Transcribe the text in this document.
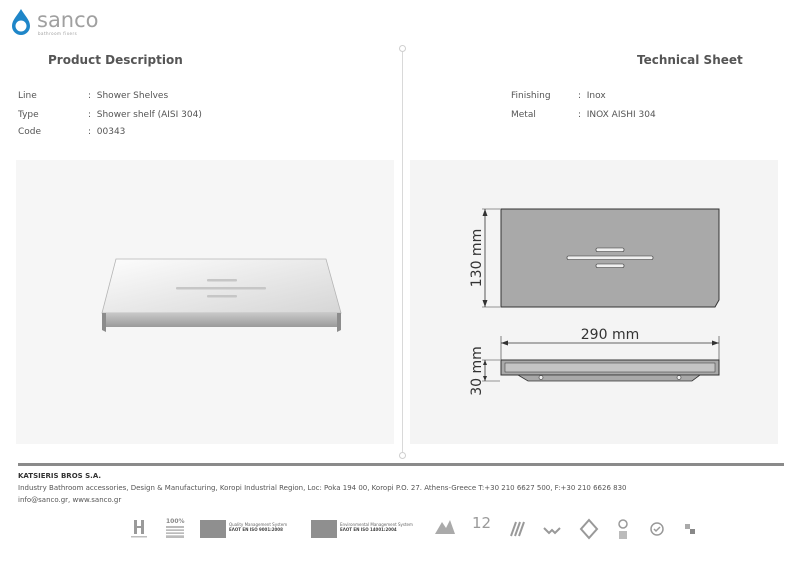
sanco
bathroom fixers
Product Description	Technical Sheet
Line	:  Shower Shelves
Type	:  Shower shelf (AISI 304)
Code	:  00343
Finishing	:  Inox
Metal	:  INOX AISHI 304
130 mm
290 mm
30 mm
KATSIERIS BROS S.A.
Industry Bathroom accessories, Design & Manufacturing, Koropi Industrial Region, Loc: Poka 194 00, Koropi P.O. 27. Athens-Greece T:+30 210 6627 500, F:+30 210 6626 830
info@sanco.gr, www.sanco.gr
100%	Quality Management System
ΕΛΟΤ EN ISO 9001:2008
Environmental Management System
ΕΛΟΤ EN ISO 14001:2004	12
